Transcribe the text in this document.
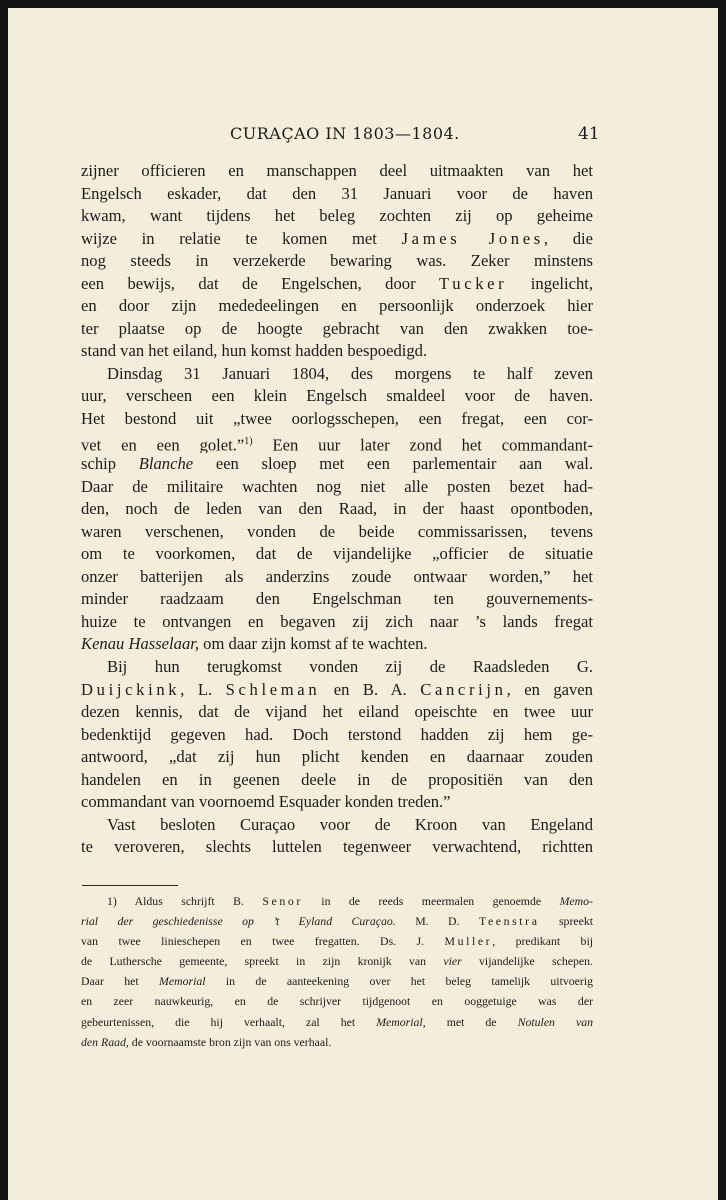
CURAÇAO IN 1803—1804.	41
zijner officieren en manschappen deel uitmaakten van het
Engelsch eskader, dat den 31 Januari voor de haven
kwam, want tijdens het beleg zochten zij op geheime
wijze in relatie te komen met James Jones, die
nog steeds in verzekerde bewaring was. Zeker minstens
een bewijs, dat de Engelschen, door Tucker ingelicht,
en door zijn mededeelingen en persoonlijk onderzoek hier
ter plaatse op de hoogte gebracht van den zwakken toe-
stand van het eiland, hun komst hadden bespoedigd.
Dinsdag 31 Januari 1804, des morgens te half zeven
uur, verscheen een klein Engelsch smaldeel voor de haven.
Het bestond uit „twee oorlogsschepen, een fregat, een cor-
vet en een golet.”$^{1)}$ Een uur later zond het commandant-
schip Blanche een sloep met een parlementair aan wal.
Daar de militaire wachten nog niet alle posten bezet had-
den, noch de leden van den Raad, in der haast opontboden,
waren verschenen, vonden de beide commissarissen, tevens
om te voorkomen, dat de vijandelijke „officier de situatie
onzer batterijen als anderzins zoude ontwaar worden,” het
minder raadzaam den Engelschman ten gouvernements-
huize te ontvangen en begaven zij zich naar ’s lands fregat
Kenau Hasselaar, om daar zijn komst af te wachten.
Bij hun terugkomst vonden zij de Raadsleden G.
Duijckink, L. Schleman en B. A. Cancrijn, en gaven
dezen kennis, dat de vijand het eiland opeischte en twee uur
bedenktijd gegeven had. Doch terstond hadden zij hem ge-
antwoord, „dat zij hun plicht kenden en daarnaar zouden
handelen en in geenen deele in de propositiën van den
commandant van voornoemd Esquader konden treden.”
Vast besloten Curaçao voor de Kroon van Engeland
te veroveren, slechts luttelen tegenweer verwachtend, richtten
1) Aldus schrijft B. Senor in de reeds meermalen genoemde Memo-
rial der geschiedenisse op ’t Eyland Curaçao. M. D. Teenstra spreekt
van twee linieschepen en twee fregatten. Ds. J. Muller, predikant bij
de Luthersche gemeente, spreekt in zijn kronijk van vier vijandelijke schepen.
Daar het Memorial in de aanteekening over het beleg tamelijk uitvoerig
en zeer nauwkeurig, en de schrijver tijdgenoot en ooggetuige was der
gebeurtenissen, die hij verhaalt, zal het Memorial, met de Notulen van
den Raad, de voornaamste bron zijn van ons verhaal.
